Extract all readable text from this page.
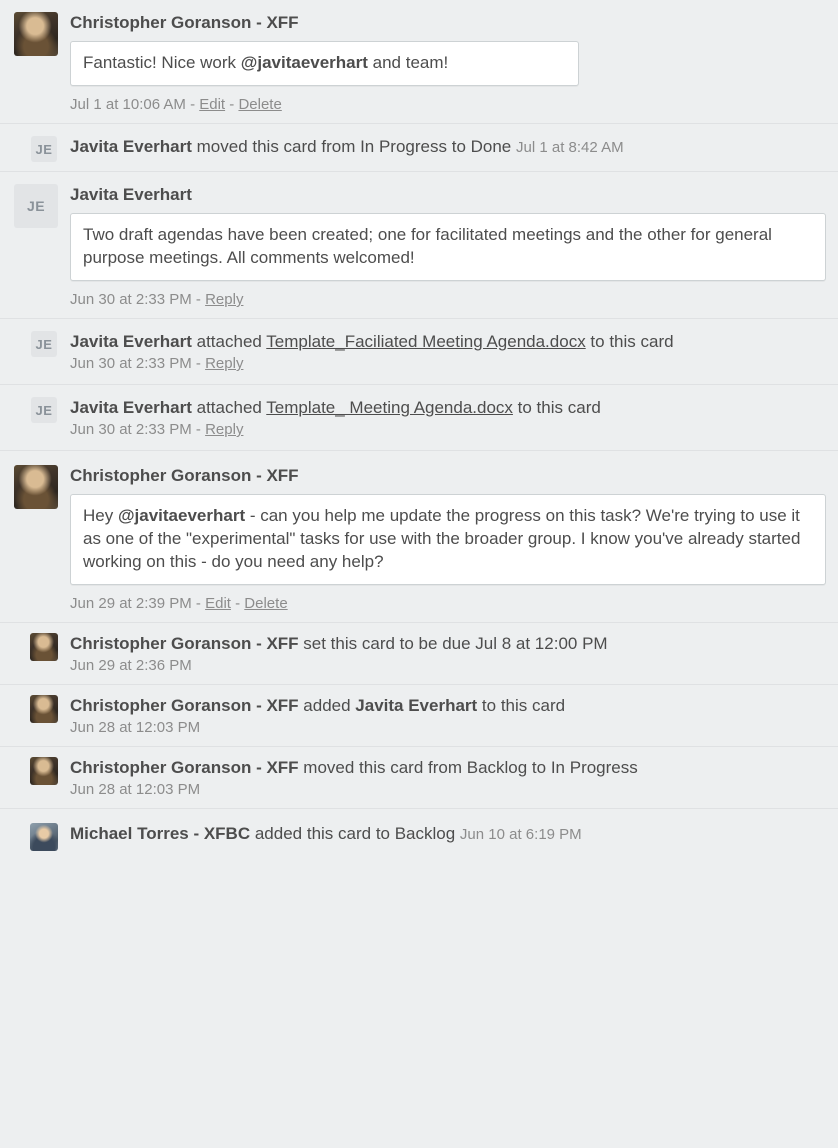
Christopher Goranson - XFF
Fantastic! Nice work @javitaeverhart and team!
Jul 1 at 10:06 AM - Edit - Delete
JE Javita Everhart moved this card from In Progress to Done Jul 1 at 8:42 AM
JE
Javita Everhart
Two draft agendas have been created; one for facilitated meetings and the other for general purpose meetings. All comments welcomed!
Jun 30 at 2:33 PM - Reply
JE Javita Everhart attached Template_Faciliated Meeting Agenda.docx to this card
Jun 30 at 2:33 PM - Reply
JE Javita Everhart attached Template_ Meeting Agenda.docx to this card
Jun 30 at 2:33 PM - Reply
Christopher Goranson - XFF
Hey @javitaeverhart - can you help me update the progress on this task? We're trying to use it as one of the "experimental" tasks for use with the broader group. I know you've already started working on this - do you need any help?
Jun 29 at 2:39 PM - Edit - Delete
Christopher Goranson - XFF set this card to be due Jul 8 at 12:00 PM
Jun 29 at 2:36 PM
Christopher Goranson - XFF added Javita Everhart to this card
Jun 28 at 12:03 PM
Christopher Goranson - XFF moved this card from Backlog to In Progress
Jun 28 at 12:03 PM
Michael Torres - XFBC added this card to Backlog Jun 10 at 6:19 PM
